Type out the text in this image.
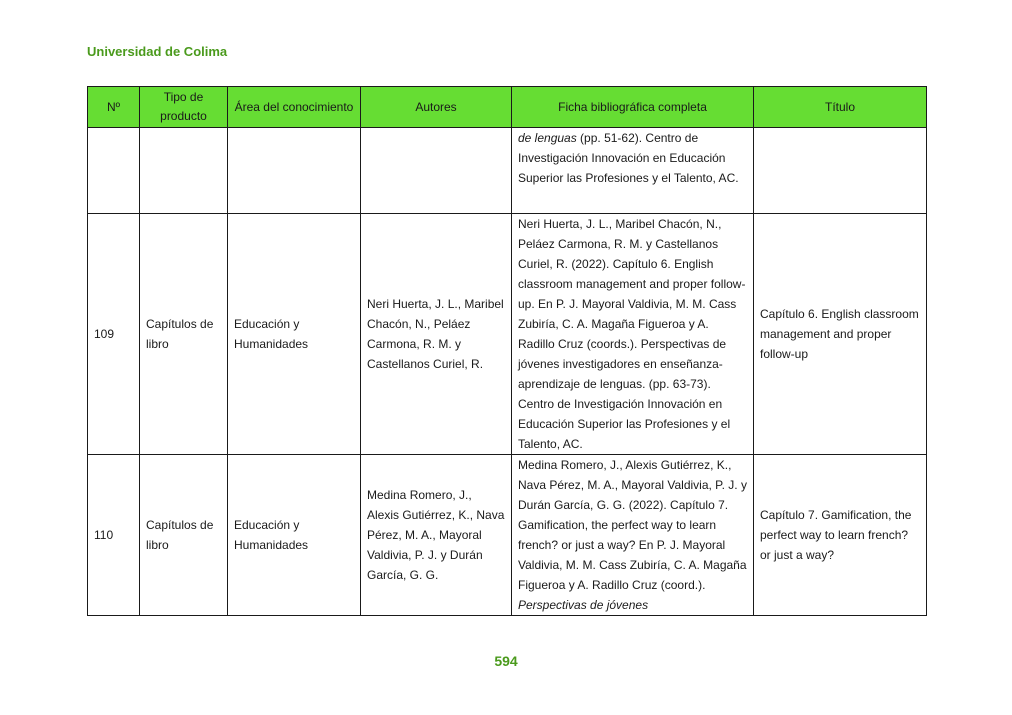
Universidad de Colima
Nº	Tipo de producto	Área del conocimiento	Autores	Ficha bibliográfica completa	Título
				de lenguas (pp. 51-62). Centro de Investigación Innovación en Educación Superior las Profesiones y el Talento, AC.	
109	Capítulos de libro	Educación y Humanidades	Neri Huerta, J. L., Maribel Chacón, N., Peláez Carmona, R. M. y Castellanos Curiel, R.	Neri Huerta, J. L., Maribel Chacón, N., Peláez Carmona, R. M. y Castellanos Curiel, R. (2022). Capítulo 6. English classroom management and proper follow-up. En P. J. Mayoral Valdivia, M. M. Cass Zubiría, C. A. Magaña Figueroa y A. Radillo Cruz (coords.). Perspectivas de jóvenes investigadores en enseñanza-aprendizaje de lenguas. (pp. 63-73). Centro de Investigación Innovación en Educación Superior las Profesiones y el Talento, AC.	Capítulo 6. English classroom management and proper follow-up
110	Capítulos de libro	Educación y Humanidades	Medina Romero, J., Alexis Gutiérrez, K., Nava Pérez, M. A., Mayoral Valdivia, P. J. y Durán García, G. G.	Medina Romero, J., Alexis Gutiérrez, K., Nava Pérez, M. A., Mayoral Valdivia, P. J. y Durán García, G. G. (2022). Capítulo 7. Gamification, the perfect way to learn french? or just a way? En P. J. Mayoral Valdivia, M. M. Cass Zubiría, C. A. Magaña Figueroa y A. Radillo Cruz (coord.). Perspectivas de jóvenes	Capítulo 7. Gamification, the perfect way to learn french? or just a way?
594
